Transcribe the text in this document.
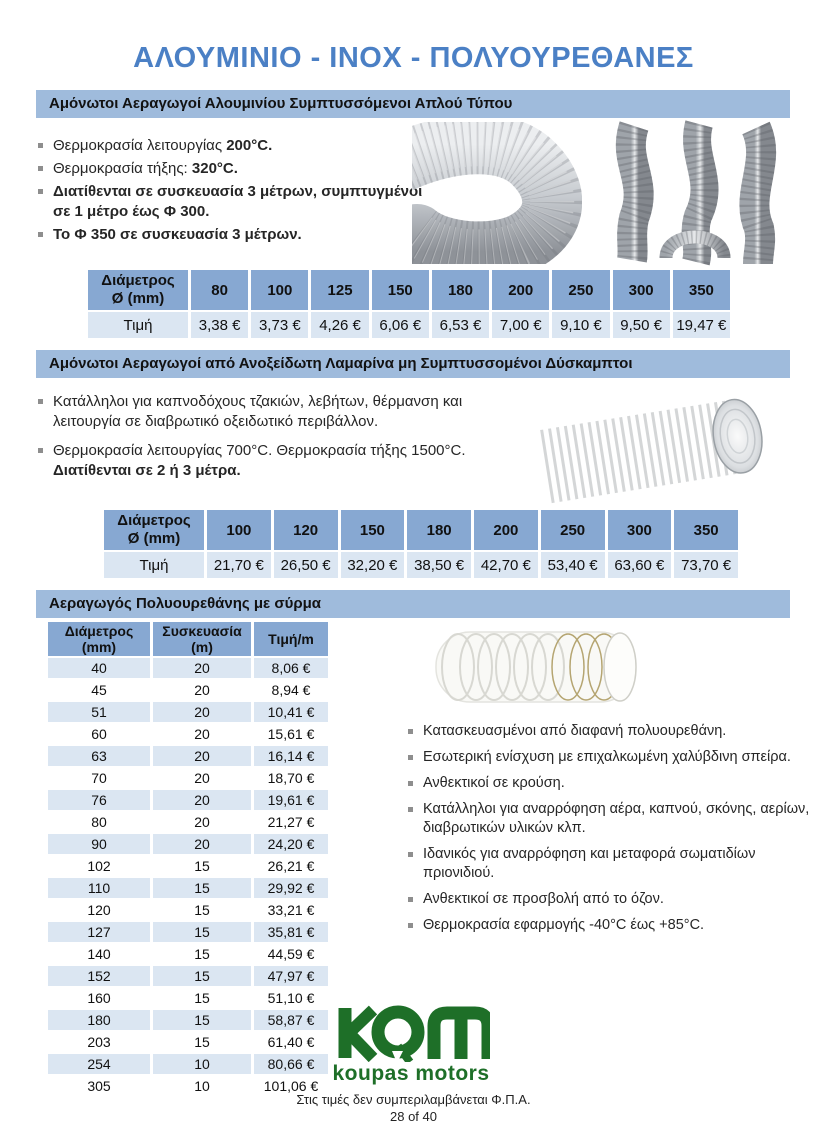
ΑΛΟΥΜΙΝΙΟ - ΙΝΟΧ - ΠΟΛΥΟΥΡΕΘΑΝΕΣ
Αμόνωτοι Αεραγωγοί Αλουμινίου Συμπτυσσόμενοι Απλού Τύπου
Θερμοκρασία λειτουργίας 200°C.
Θερμοκρασία τήξης: 320°C.
Διατίθενται σε συσκευασία 3 μέτρων, συμπτυγμένοι σε 1 μέτρο έως Φ 300.
Το Φ 350 σε συσκευασία 3 μέτρων.
Διάμετρος
Ø (mm)	80	100	125	150	180	200	250	300	350
Τιμή	3,38 €	3,73 €	4,26 €	6,06 €	6,53 €	7,00 €	9,10 €	9,50 €	19,47 €
Αμόνωτοι Αεραγωγοί από Ανοξείδωτη Λαμαρίνα μη Συμπτυσσομένοι Δύσκαμπτοι
Κατάλληλοι για καπνοδόχους τζακιών, λεβήτων, θέρμανση και λειτουργία σε διαβρωτικό οξειδωτικό περιβάλλον.
Θερμοκρασία λειτουργίας 700°C. Θερμοκρασία τήξης 1500°C. Διατίθενται σε 2 ή 3 μέτρα.
Διάμετρος
Ø (mm)	100	120	150	180	200	250	300	350
Τιμή	21,70 €	26,50 €	32,20 €	38,50 €	42,70 €	53,40 €	63,60 €	73,70 €
Αεραγωγός Πολυουρεθάνης με σύρμα
Διάμετρος
(mm)

Συσκευασία
(m)	Τιμή/m
40	20	8,06 €
45	20	8,94 €
51	20	10,41 €
60	20	15,61 €
63	20	16,14 €
70	20	18,70 €
76	20	19,61 €
80	20	21,27 €
90	20	24,20 €
102	15	26,21 €
110	15	29,92 €
120	15	33,21 €
127	15	35,81 €
140	15	44,59 €
152	15	47,97 €
160	15	51,10 €
180	15	58,87 €
203	15	61,40 €
254	10	80,66 €
305	10	101,06 €
Κατασκευασμένοι από διαφανή πολυουρεθάνη.
Εσωτερική ενίσχυση με επιχαλκωμένη χαλύβδινη σπείρα.
Ανθεκτικοί σε κρούση.
Κατάλληλοι για αναρρόφηση αέρα, καπνού, σκόνης, αερίων, διαβρωτικών υλικών κλπ.
Ιδανικός για αναρρόφηση και μεταφορά σωματιδίων πριονιδιού.
Ανθεκτικοί σε προσβολή από το όζον.
Θερμοκρασία εφαρμογής -40°C έως +85°C.
koupas motors
Στις τιμές δεν συμπεριλαμβάνεται Φ.Π.Α.
28 of 40
